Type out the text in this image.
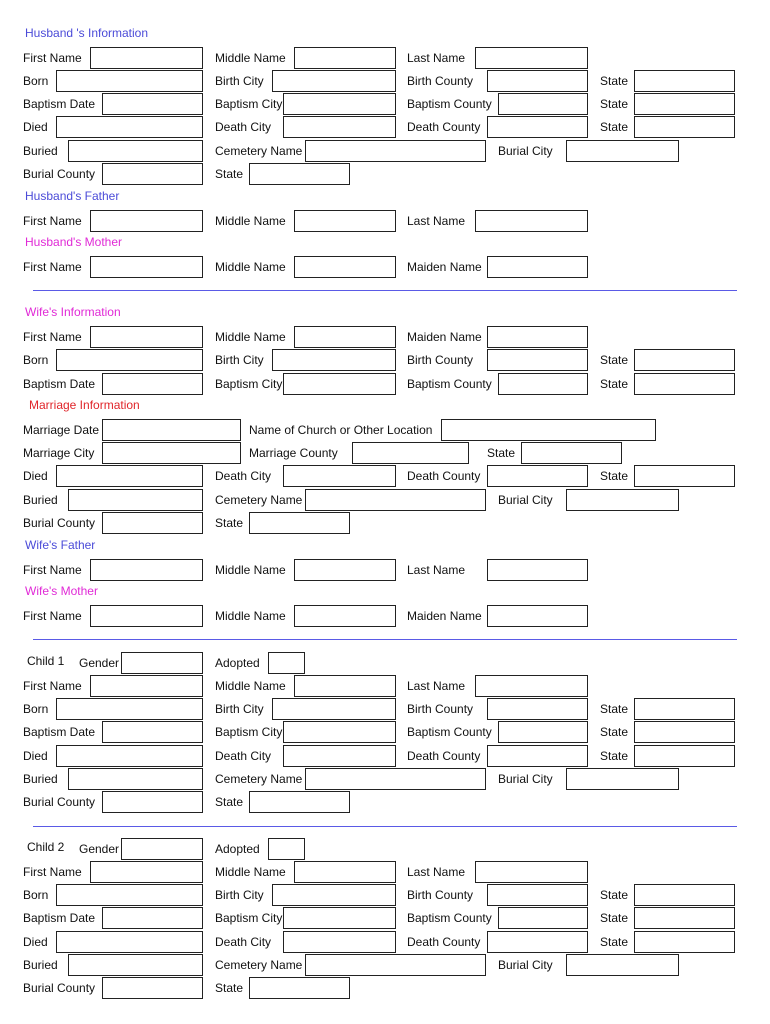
Husband 's Information
First Name	Middle Name	Last Name
Born	Birth City	Birth County	State
Baptism Date	Baptism City	Baptism County	State
Died	Death City	Death County	State
Buried	Cemetery Name	Burial City
Burial County	State
Husband's Father
First Name	Middle Name	Last Name
Husband's Mother
First Name	Middle Name	Maiden Name
Wife's Information
First Name	Middle Name	Maiden Name
Born	Birth City	Birth County	State
Baptism Date	Baptism City	Baptism County	State
Marriage Information
Marriage Date	Name of Church or Other Location
Marriage City	Marriage County	State
Died	Death City	Death County	State
Buried	Cemetery Name	Burial City
Burial County	State
Wife's Father
First Name	Middle Name	Last Name
Wife's Mother
First Name	Middle Name	Maiden Name
Child 1 Gender	Adopted
First Name	Middle Name	Last Name
Born	Birth City	Birth County	State
Baptism Date	Baptism City	Baptism County	State
Died	Death City	Death County	State
Buried	Cemetery Name	Burial City
Burial County	State
Child 2 Gender	Adopted
First Name	Middle Name	Last Name
Born	Birth City	Birth County	State
Baptism Date	Baptism City	Baptism County	State
Died	Death City	Death County	State
Buried	Cemetery Name	Burial City
Burial County	State
